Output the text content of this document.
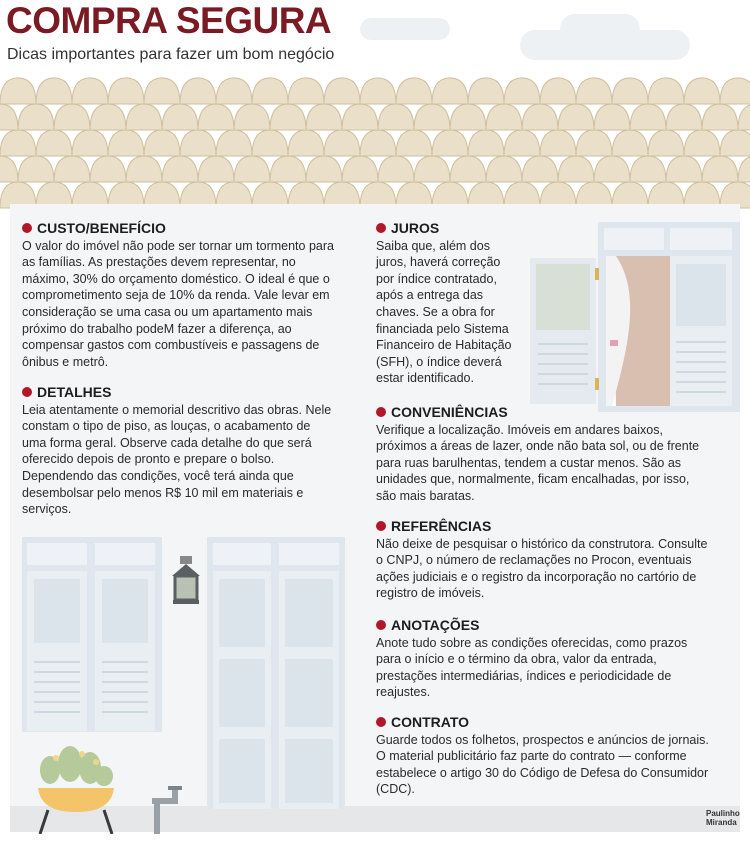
COMPRA SEGURA
Dicas importantes para fazer um bom negócio
CUSTO/BENEFÍCIO

O valor do imóvel não pode ser tornar um tormento para as famílias. As prestações devem representar, no máximo, 30% do orçamento doméstico. O ideal é que o comprometimento seja de 10% da renda. Vale levar em consideração se uma casa ou um apartamento mais próximo do trabalho podeM fazer a diferença, ao compensar gastos com combustíveis e passagens de ônibus e metrô.

DETALHES

Leia atentamente o memorial descritivo das obras. Nele constam o tipo de piso, as louças, o acabamento de uma forma geral. Observe cada detalhe do que será oferecido depois de pronto e prepare o bolso. Dependendo das condições, você terá ainda que desembolsar pelo menos R$ 10 mil em materiais e serviços.

JUROS

Saiba que, além dos juros, haverá correção por índice contratado, após a entrega das chaves. Se a obra for financiada pelo Sistema Financeiro de Habitação (SFH), o índice deverá estar identificado.

CONVENIÊNCIAS

Verifique a localização. Imóveis em andares baixos, próximos a áreas de lazer, onde não bata sol, ou de frente para ruas barulhentas, tendem a custar menos. São as unidades que, normalmente, ficam encalhadas, por isso, são mais baratas.

REFERÊNCIAS

Não deixe de pesquisar o histórico da construtora. Consulte o CNPJ, o número de reclamações no Procon, eventuais ações judiciais e o registro da incorporação no cartório de registro de imóveis.

ANOTAÇÕES

Anote tudo sobre as condições oferecidas, como prazos para o início e o término da obra, valor da entrada, prestações intermediárias, índices e periodicidade de reajustes.

CONTRATO

Guarde todos os folhetos, prospectos e anúncios de jornais. O material publicitário faz parte do contrato — conforme estabelece o artigo 30 do Código de Defesa do Consumidor (CDC).

Paulinho
Miranda
